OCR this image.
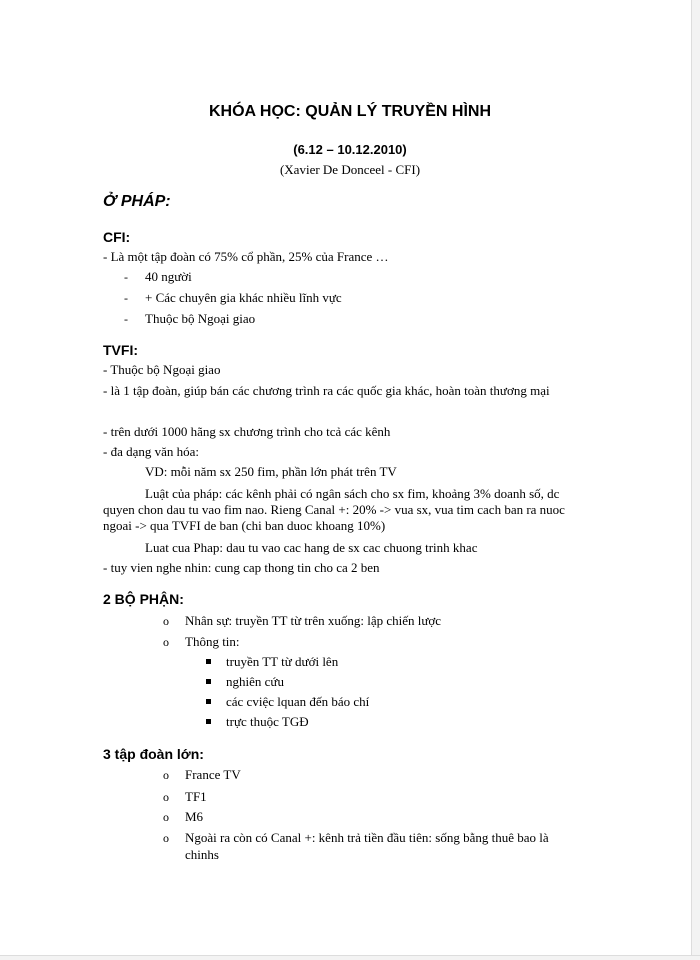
KHÓA HỌC: QUẢN LÝ TRUYỀN HÌNH
(6.12 – 10.12.2010)
(Xavier De Donceel - CFI)
Ở PHÁP:
CFI:
- Là một tập đoàn có 75% cổ phần, 25% của France …
- 40 người
- + Các chuyên gia khác nhiều lĩnh vực
- Thuộc bộ Ngoại giao
TVFI:
- Thuộc bộ Ngoại giao
- là 1 tập đoàn, giúp bán các chương trình ra các quốc gia khác, hoàn toàn thương mại
- trên dưới 1000 hãng sx chương trình cho tcả các kênh
- đa dạng văn hóa:
VD: mỗi năm sx 250 fim, phần lớn phát trên TV
Luật của pháp: các kênh phải có ngân sách cho sx fim, khoảng 3% doanh số, dc
quyen chon dau tu vao fim nao. Rieng Canal +: 20% -> vua sx, vua tim cach ban ra nuoc
ngoai -> qua TVFI de ban (chi ban duoc khoang 10%)
Luat cua Phap: dau tu vao cac hang de sx cac chuong trinh khac
- tuy vien nghe nhin: cung cap thong tin cho ca 2 ben
2 BỘ PHẬN:
o Nhân sự: truyền TT từ trên xuống: lập chiến lược
o Thông tin:
truyền TT từ dưới lên
nghiên cứu
các cviệc lquan đến báo chí
trực thuộc TGĐ
3 tập đoàn lớn:
o France TV
o TF1
o M6
o Ngoài ra còn có Canal +: kênh trả tiền đầu tiên: sống bằng thuê bao là
chinhs
